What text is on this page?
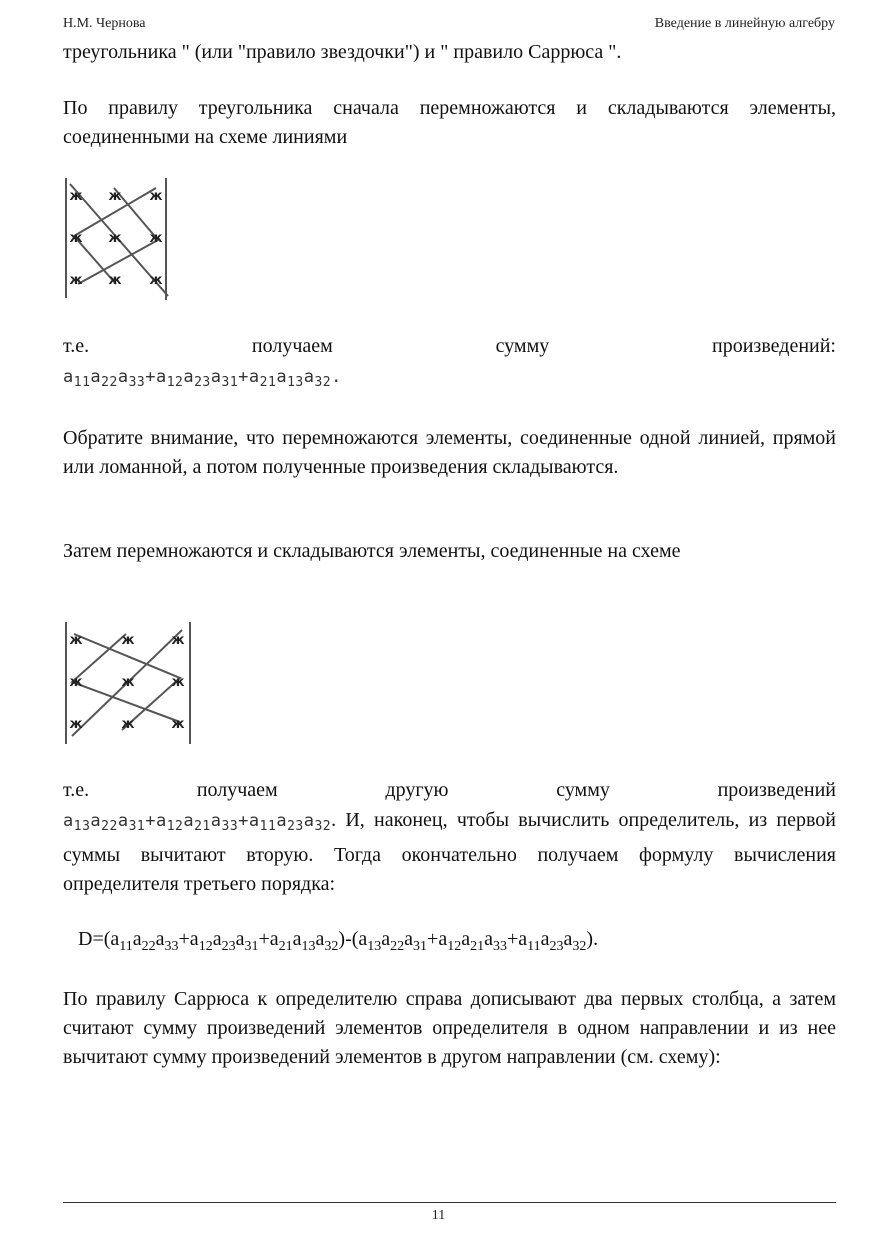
Н.М. Чернова	Введение в линейную алгебру

треугольника " (или "правило звездочки") и " правило Саррюса ".

По правилу треугольника сначала перемножаются и складываются элементы, соединенными на схеме линиями

ж ж ж
ж ж ж
ж ж ж

т.е. получаем сумму произведений:

$a_{11}a_{22}a_{33}+a_{12}a_{23}a_{31}+a_{21}a_{13}a_{32}$.

Обратите внимание, что перемножаются элементы, соединенные одной линией, прямой или ломанной, а потом полученные произведения складываются.

Затем перемножаются и складываются элементы, соединенные на схеме

ж	ж	ж
ж	ж	ж
ж	ж	ж

т.е. получаем другую сумму произведений

$a_{13}a_{22}a_{31}+a_{12}a_{21}a_{33}+a_{11}a_{23}a_{32}$. И, наконец, чтобы вычислить определитель, из первой суммы вычитают вторую. Тогда окончательно получаем формулу вычисления определителя третьего порядка:

$D=(a_{11}a_{22}a_{33}+a_{12}a_{23}a_{31}+a_{21}a_{13}a_{32})-(a_{13}a_{22}a_{31}+a_{12}a_{21}a_{33}+a_{11}a_{23}a_{32})$.

По правилу Саррюса к определителю справа дописывают два первых столбца, а затем считают сумму произведений элементов определителя в одном направлении и из нее вычитают сумму произведений элементов в другом направлении (см. схему):

11
